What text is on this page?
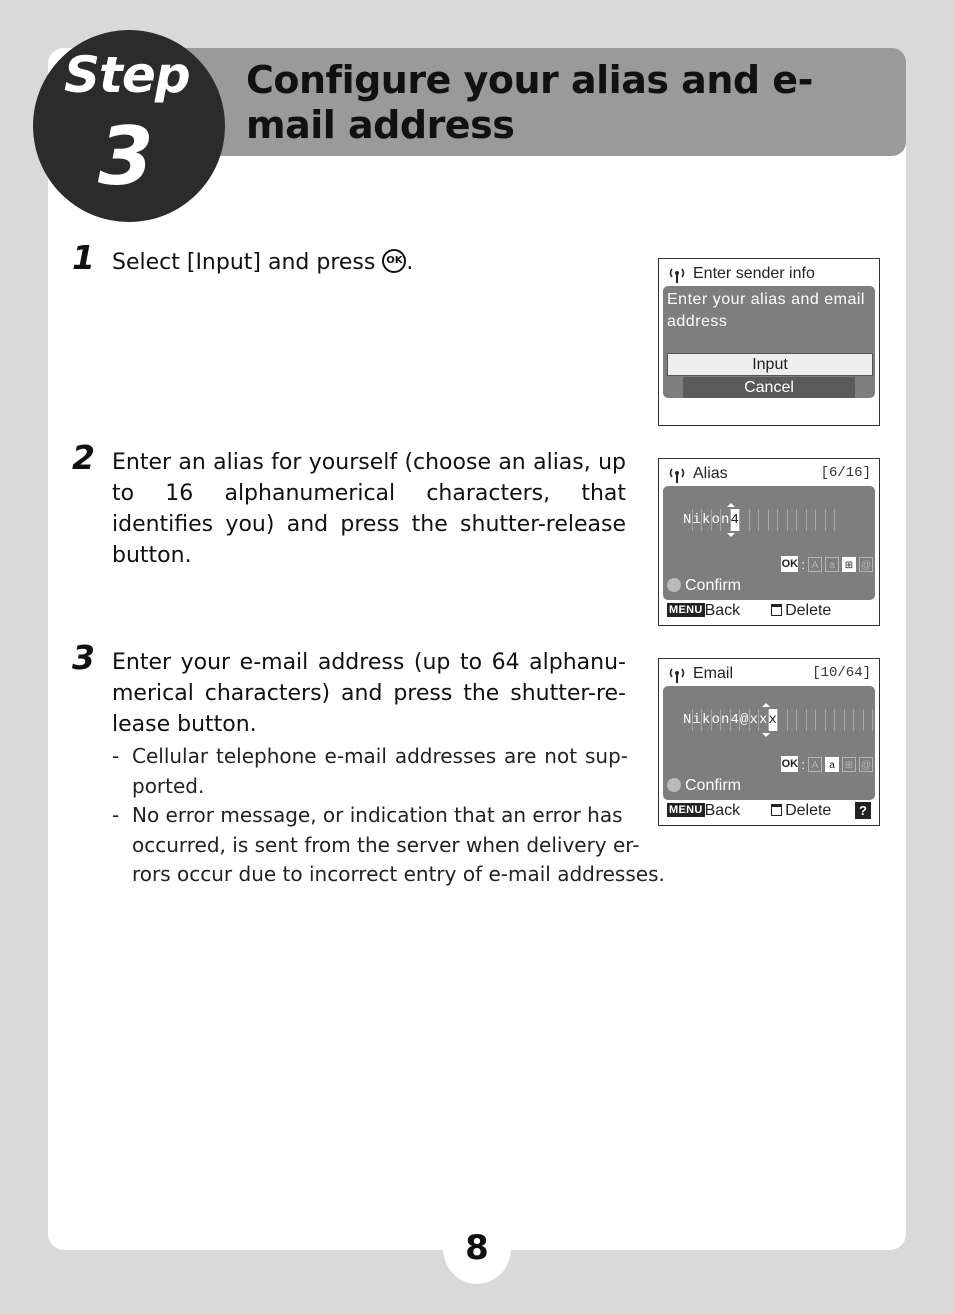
Configure your alias and e-mail address
Step
3
1 Select [Input] and press OK .
2 Enter an alias for yourself (choose an alias, up to 16 alphanumerical characters, that identifies you) and press the shutter-release button.
3 Enter your e-mail address (up to 64 alphanu-merical characters) and press the shutter-re-lease button.
- Cellular telephone e-mail addresses are not sup-ported.
- No error message, or indication that an error has occurred, is sent from the server when delivery er-rors occur due to incorrect entry of e-mail addresses.
Enter sender info
Enter your alias and email address
Input
Cancel
Alias	[6/16]
N i k o n 4
OK : A	a	⊞ @
Confirm
MENU Back	Delete
Email	[10/64]
N i k o n 4 @ x x x
OK : A	a	⊞ @
Confirm
MENU Back	Delete	?
8
